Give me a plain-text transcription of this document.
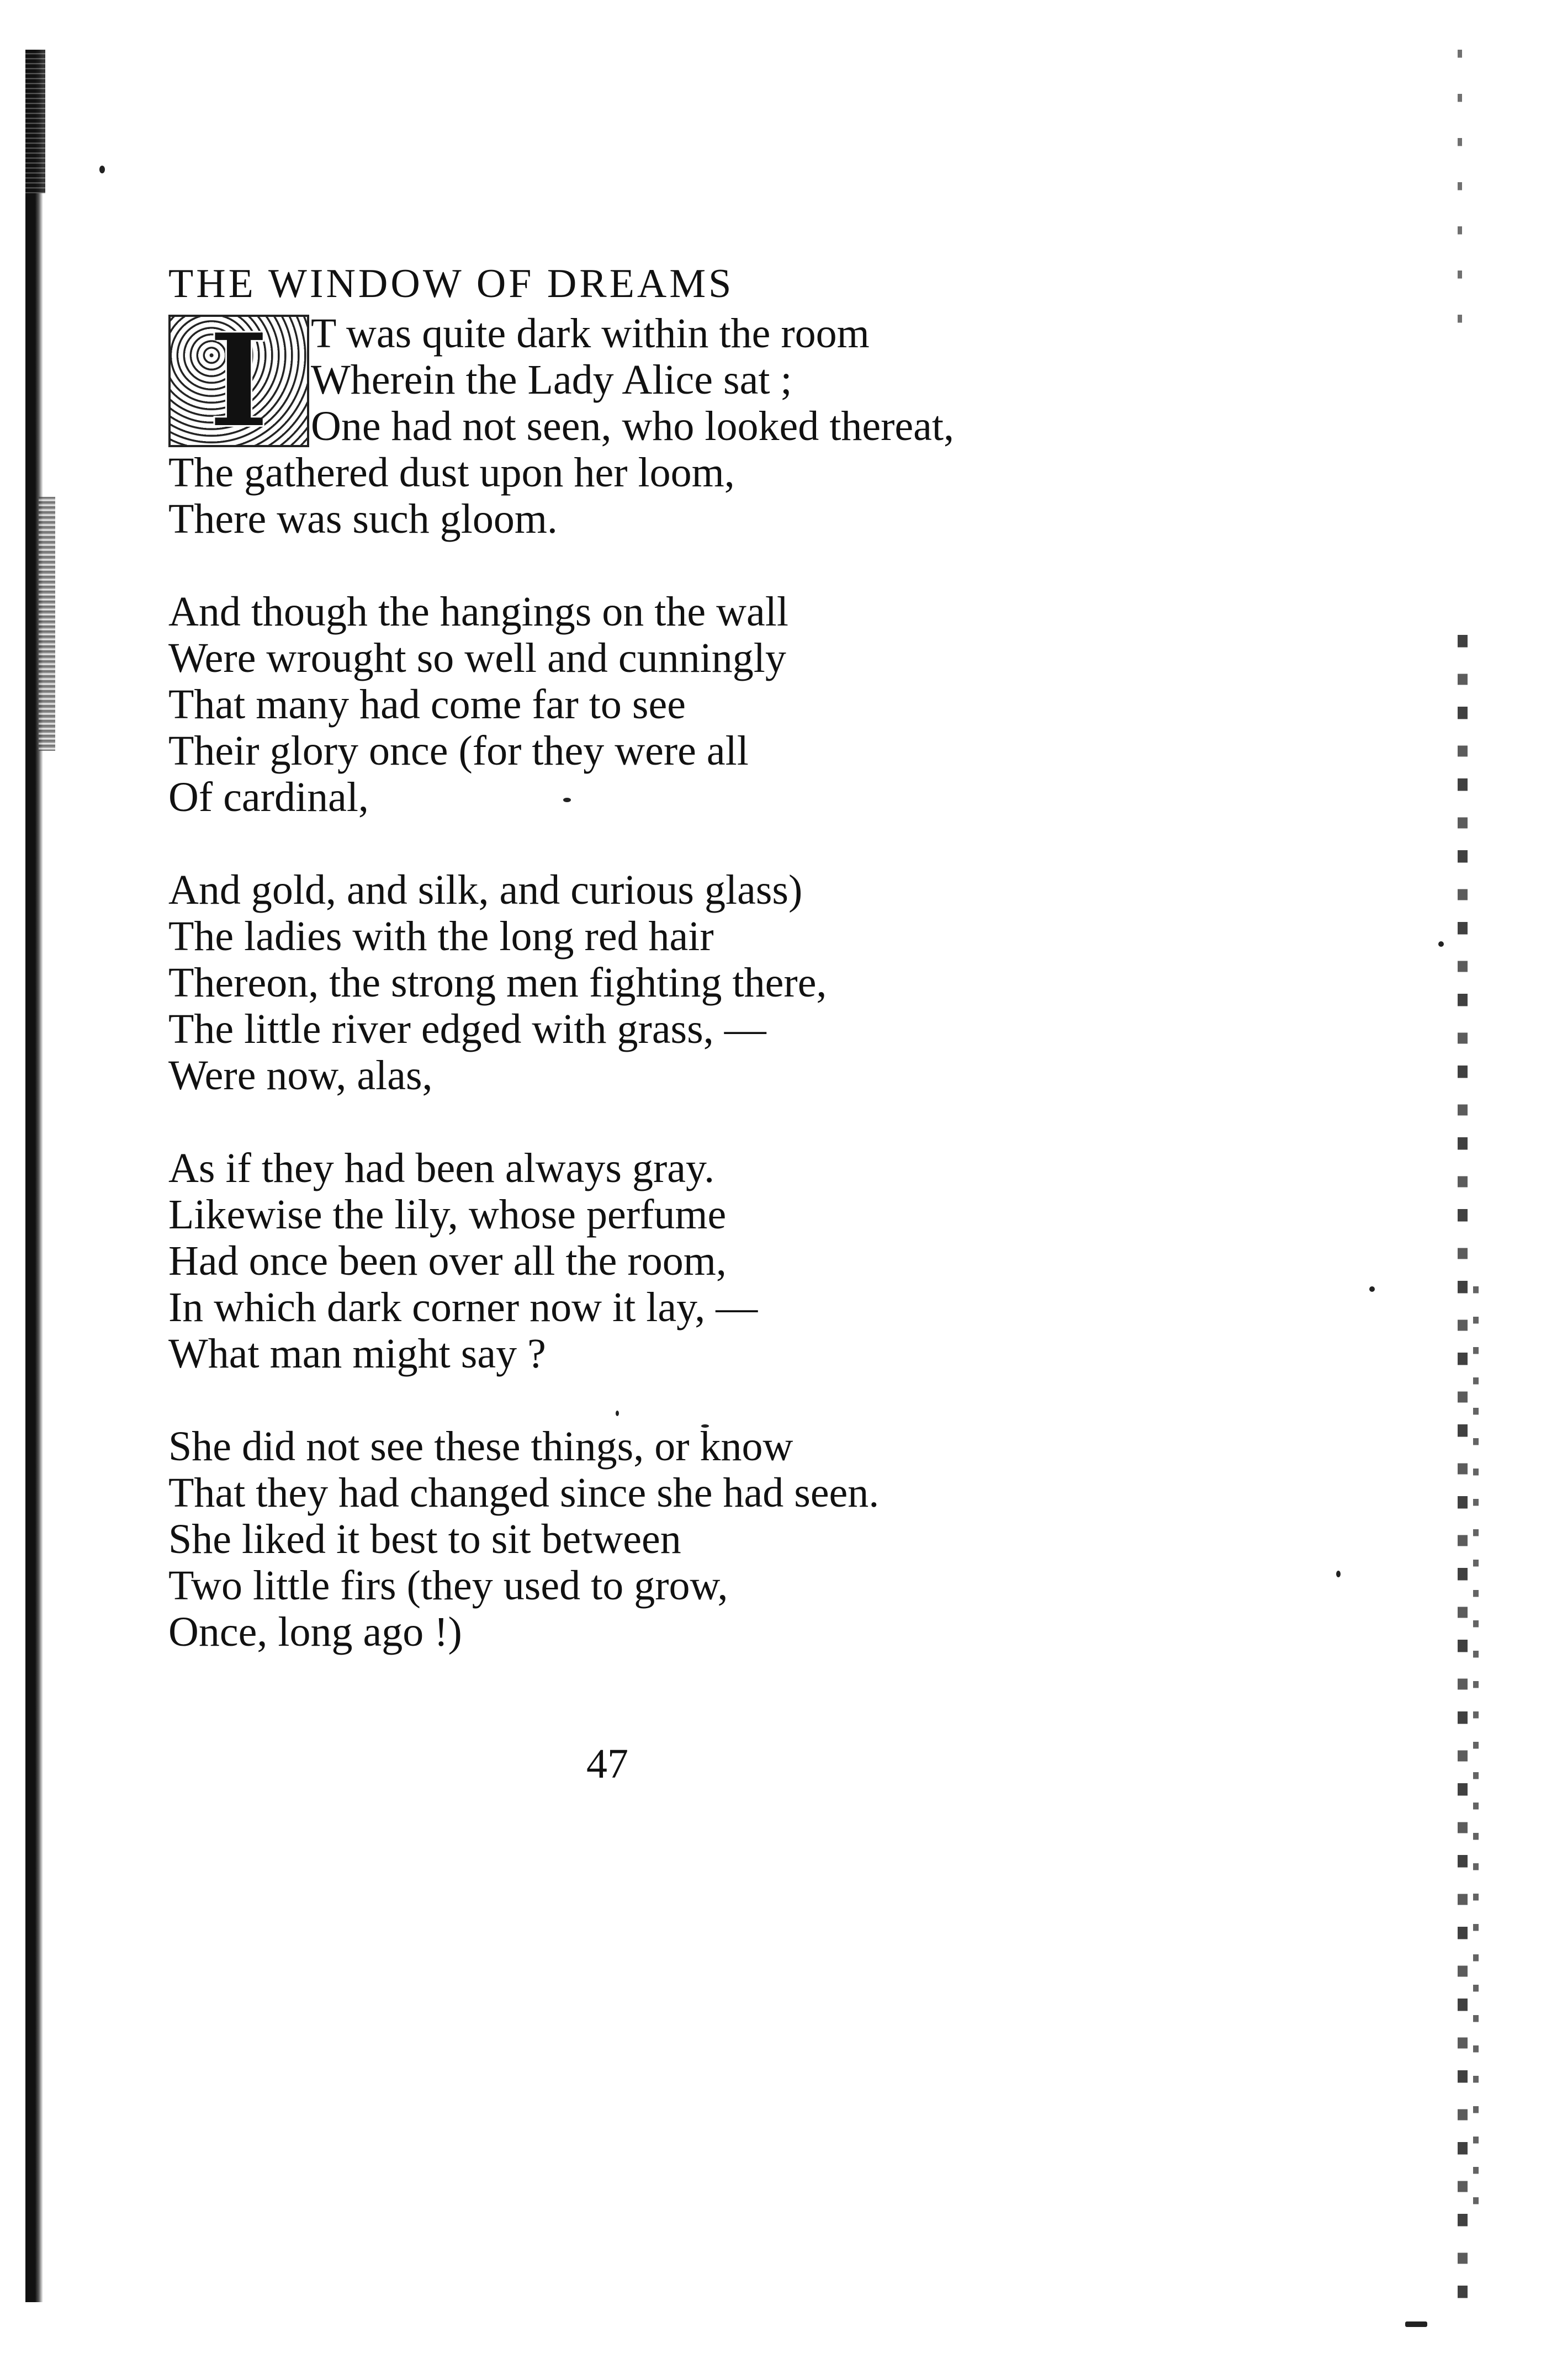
THE WINDOW OF DREAMS
I	T was quite dark within the room
Wherein the Lady Alice sat ;
One had not seen, who looked thereat,
The gathered dust upon her loom,
There was such gloom.
And though the hangings on the wall
Were wrought so well and cunningly
That many had come far to see
Their glory once (for they were all
Of cardinal,
And gold, and silk, and curious glass)
The ladies with the long red hair
Thereon, the strong men fighting there,
The little river edged with grass, —
Were now, alas,
As if they had been always gray.
Likewise the lily, whose perfume
Had once been over all the room,
In which dark corner now it lay, —
What man might say ?
She did not see these things, or know
That they had changed since she had seen.
She liked it best to sit between
Two little firs (they used to grow,
Once, long ago !)
47
